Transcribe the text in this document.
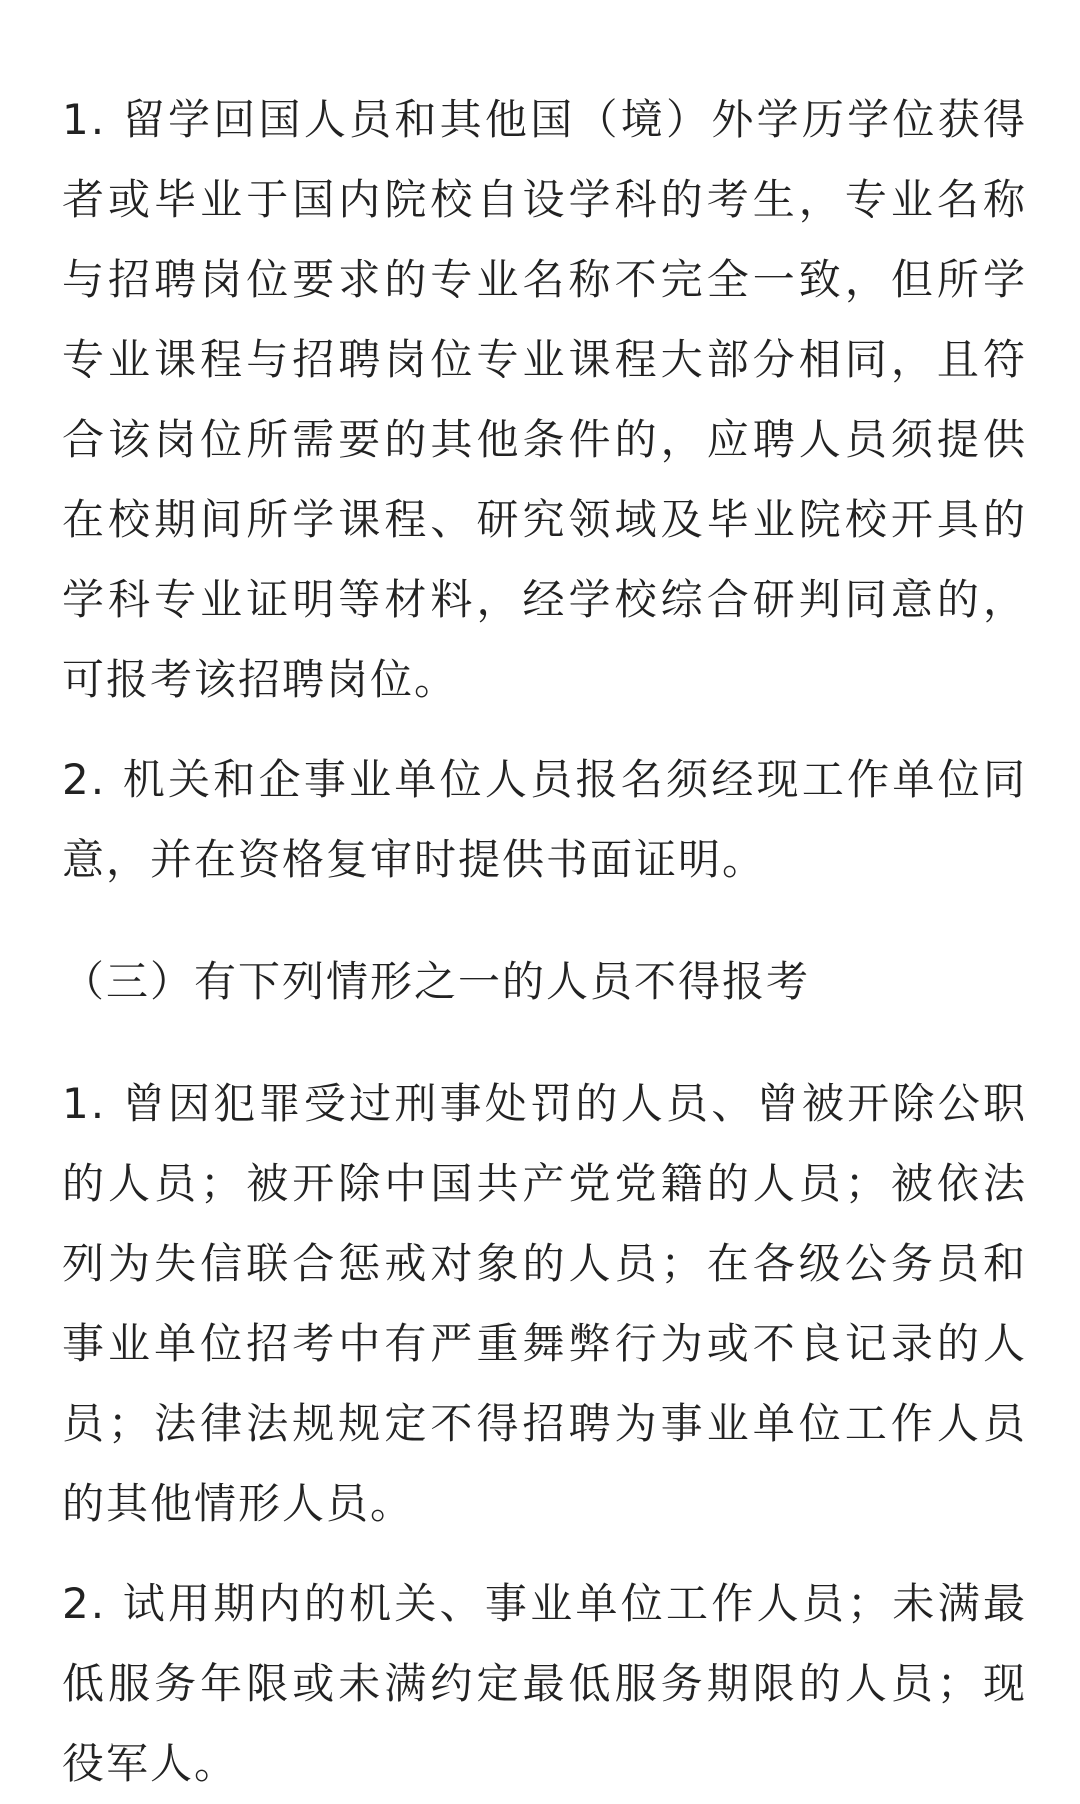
1. 留学回国人员和其他国（境）外学历学位获得者或毕业于国内院校自设学科的考生，专业名称与招聘岗位要求的专业名称不完全一致，但所学专业课程与招聘岗位专业课程大部分相同，且符合该岗位所需要的其他条件的，应聘人员须提供在校期间所学课程、研究领域及毕业院校开具的学科专业证明等材料，经学校综合研判同意的，可报考该招聘岗位。

2. 机关和企事业单位人员报名须经现工作单位同意，并在资格复审时提供书面证明。

（三）有下列情形之一的人员不得报考

1. 曾因犯罪受过刑事处罚的人员、曾被开除公职的人员；被开除中国共产党党籍的人员；被依法列为失信联合惩戒对象的人员；在各级公务员和事业单位招考中有严重舞弊行为或不良记录的人员；法律法规规定不得招聘为事业单位工作人员的其他情形人员。

2. 试用期内的机关、事业单位工作人员；未满最低服务年限或未满约定最低服务期限的人员；现役军人。
